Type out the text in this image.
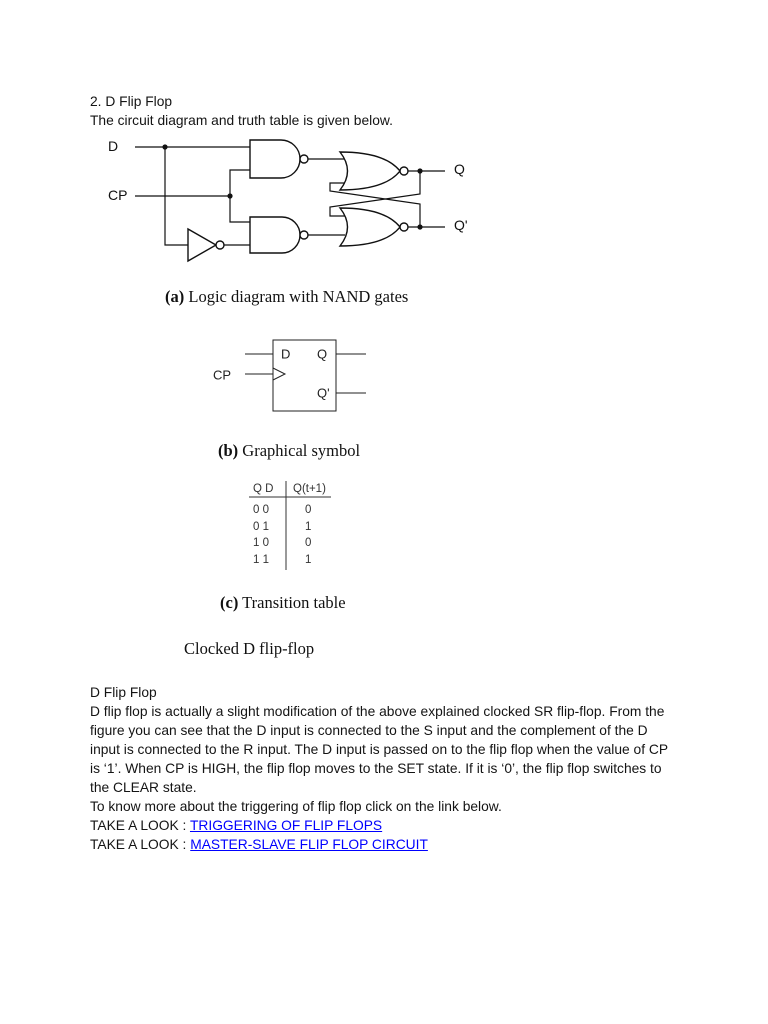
D
CP
Q
Q'
D Q
Q'
CP
Q D Q(t+1)
0 0	0
0 1	1
1 0	0
1 1	1
2. D Flip Flop
The circuit diagram and truth table is given below.
(a) Logic diagram with NAND gates
(b) Graphical symbol
(c) Transition table
Clocked D flip-flop
D Flip Flop
D flip flop is actually a slight modification of the above explained clocked SR flip-flop. From the
figure you can see that the D input is connected to the S input and the complement of the D
input is connected to the R input. The D input is passed on to the flip flop when the value of CP
is ‘1’. When CP is HIGH, the flip flop moves to the SET state. If it is ‘0’, the flip flop switches to
the CLEAR state.
To know more about the triggering of flip flop click on the link below.
TAKE A LOOK : TRIGGERING OF FLIP FLOPS
TAKE A LOOK : MASTER-SLAVE FLIP FLOP CIRCUIT
